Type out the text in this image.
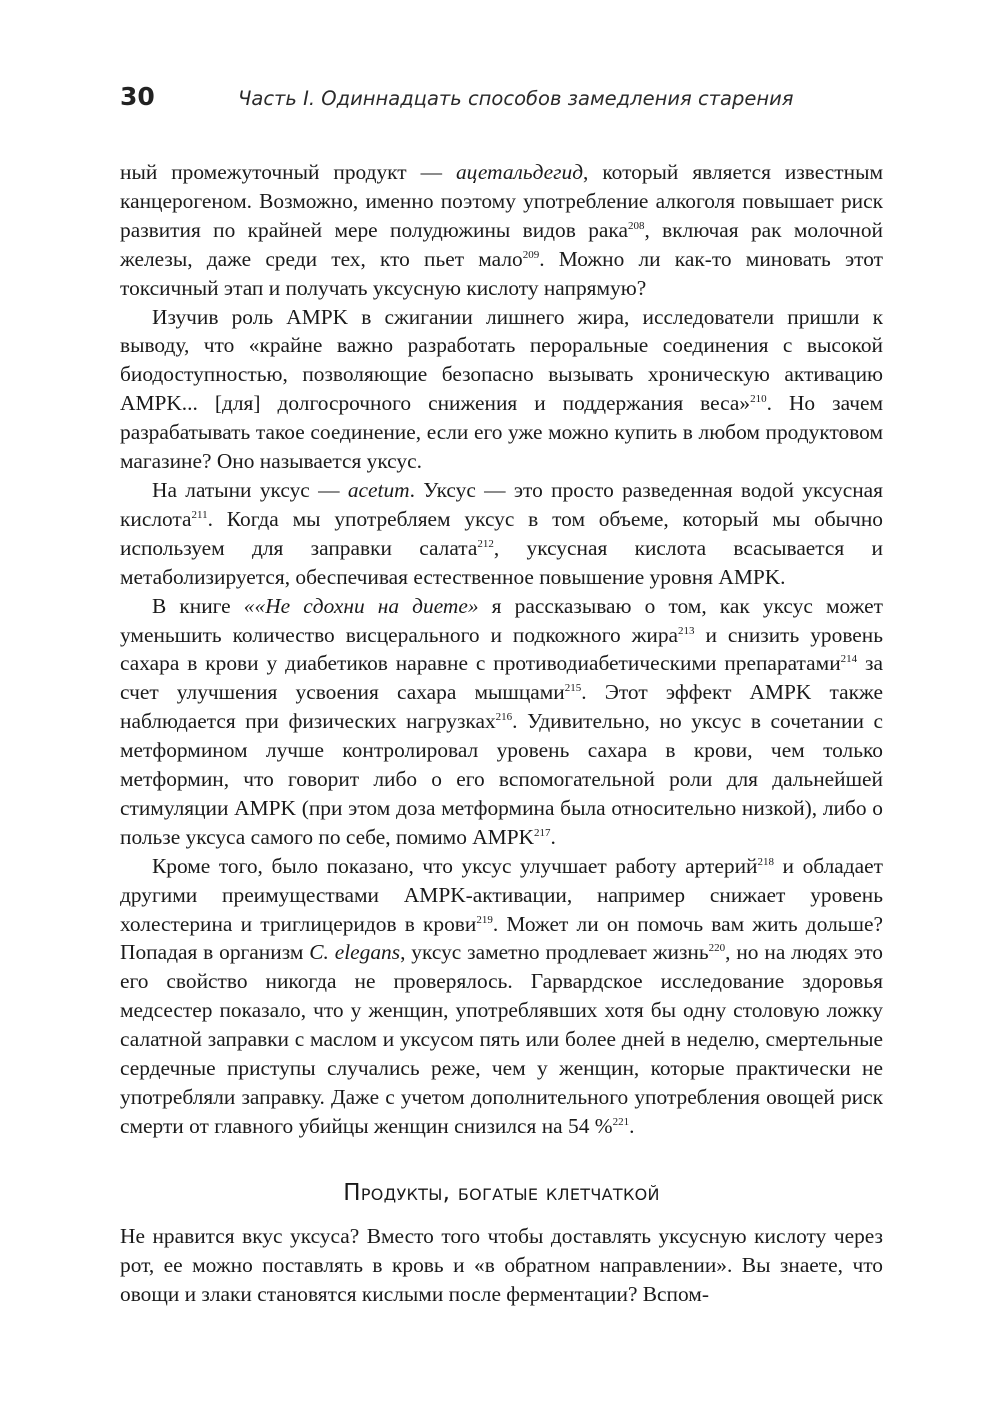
30	Часть I. Одиннадцать способов замедления старения

ный промежуточный продукт — ацетальдегид, который является известным канцерогеном. Возможно, именно поэтому употребление алкоголя повышает риск развития по крайней мере полудюжины видов рака$^{208}$, включая рак молочной железы, даже среди тех, кто пьет мало$^{209}$. Можно ли как-то миновать этот токсичный этап и получать уксусную кислоту напрямую?

Изучив роль AMPK в сжигании лишнего жира, исследователи пришли к выводу, что «крайне важно разработать пероральные соединения с высокой биодоступностью, позволяющие безопасно вызывать хроническую активацию AMPK... [для] долгосрочного снижения и поддержания веса»$^{210}$. Но зачем разрабатывать такое соединение, если его уже можно купить в любом продуктовом магазине? Оно называется уксус.

На латыни уксус — acetum. Уксус — это просто разведенная водой уксусная кислота$^{211}$. Когда мы употребляем уксус в том объеме, который мы обычно используем для заправки салата$^{212}$, уксусная кислота всасывается и метаболизируется, обеспечивая естественное повышение уровня AMPK.

В книге ««Не сдохни на диете» я рассказываю о том, как уксус может уменьшить количество висцерального и подкожного жира$^{213}$ и снизить уровень сахара в крови у диабетиков наравне с противодиабетическими препаратами$^{214}$ за счет улучшения усвоения сахара мышцами$^{215}$. Этот эффект AMPK также наблюдается при физических нагрузках$^{216}$. Удивительно, но уксус в сочетании с метформином лучше контролировал уровень сахара в крови, чем только метформин, что говорит либо о его вспомогательной роли для дальнейшей стимуляции AMPK (при этом доза метформина была относительно низкой), либо о пользе уксуса самого по себе, помимо AMPK$^{217}$.

Кроме того, было показано, что уксус улучшает работу артерий$^{218}$ и обладает другими преимуществами AMPK-активации, например снижает уровень холестерина и триглицеридов в крови$^{219}$. Может ли он помочь вам жить дольше? Попадая в организм C. elegans, уксус заметно продлевает жизнь$^{220}$, но на людях это его свойство никогда не проверялось. Гарвардское исследование здоровья медсестер показало, что у женщин, употреблявших хотя бы одну столовую ложку салатной заправки с маслом и уксусом пять или более дней в неделю, смертельные сердечные приступы случались реже, чем у женщин, которые практически не употребляли заправку. Даже с учетом дополнительного употребления овощей риск смерти от главного убийцы женщин снизился на 54 %$^{221}$.

Продукты, богатые клетчаткой

Не нравится вкус уксуса? Вместо того чтобы доставлять уксусную кислоту через рот, ее можно поставлять в кровь и «в обратном направлении». Вы знаете, что овощи и злаки становятся кислыми после ферментации? Вспом-
